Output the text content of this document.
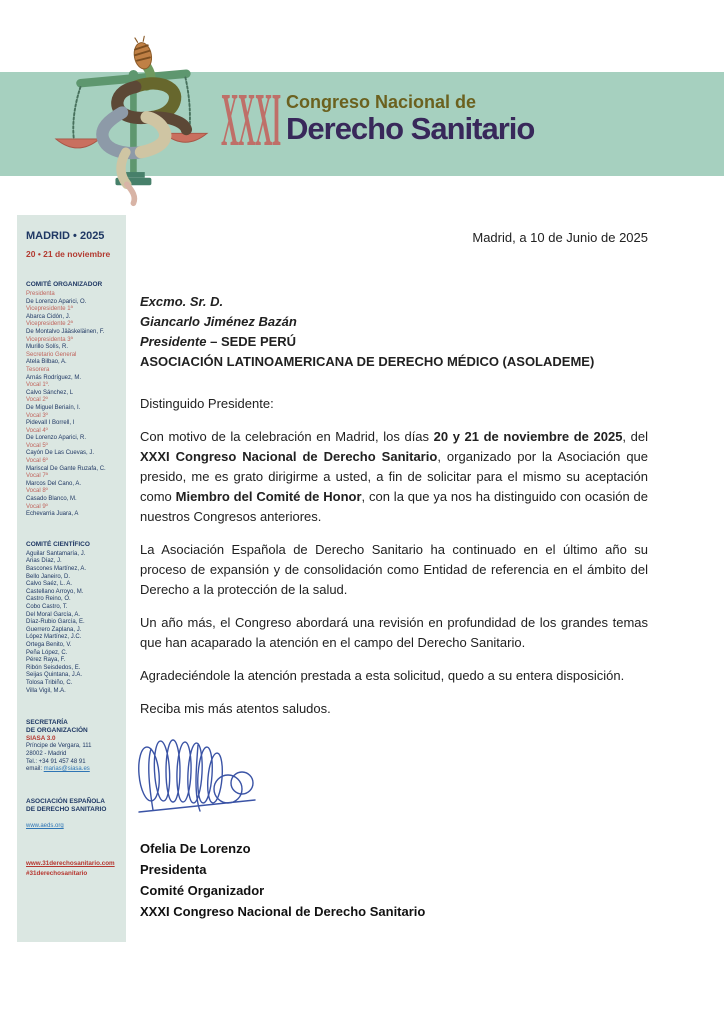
XXXI Congreso Nacional de
Derecho Sanitario
MADRID • 2025
20 • 21 de noviembre
COMITÉ ORGANIZADOR
Presidenta
De Lorenzo Aparici, O.
Vicepresidente 1ª
Abarca Cidón, J.
Vicepresidente 2ª
De Montalvo Jääskeläinen, F.
Vicepresidenta 3ª
Murillo Solís, R.
Secretario General
Atela Bilbao, A.
Tesorera
Arnás Rodríguez, M.
Vocal 1º.
Calvo Sánchez, L
Vocal 2º
De Miguel Beriaín, I.
Vocal 3º
Pidevall I Borrell, I
Vocal 4º
De Lorenzo Aparici, R.
Vocal 5º
Cayón De Las Cuevas, J.
Vocal 6º
Mariscal De Gante Ruzafa, C.
Vocal 7ª
Marcos Del Cano, A.
Vocal 8º
Casado Blanco, M.
Vocal 9º
Echevarria Juara, A
COMITÉ CIENTÍFICO
Aguilar Santamaría, J.
Arias Díaz, J.
Bascones Martínez, A.
Bello Janeiro, D.
Calvo Saéz, L. A.
Castellano Arroyo, M.
Castro Reino, O.
Cobo Castro, T.
Del Moral García, A.
Díaz-Rubio García, E.
Guerrero Zaplana, J.
López Martínez, J.C.
Ortega Benito, V.
Peña López, C.
Pérez Raya, F.
Ribón Seisdedos, E.
Seijas Quintana, J.A.
Tolosa Tribiño, C.
Villa Vigil, M.A.
SECRETARÍA
DE ORGANIZACIÓN
SIASA 3.0
Príncipe de Vergara, 111
28002 - Madrid
Tel.: +34 91 457 48 91
email: marias@siasa.es
ASOCIACIÓN ESPAÑOLA
DE DERECHO SANITARIO
www.aeds.org
www.31derechosanitario.com
#31derechosanitario
Madrid, a 10 de Junio de 2025
Excmo. Sr. D.
Giancarlo Jiménez Bazán
Presidente – SEDE PERÚ
ASOCIACIÓN LATINOAMERICANA DE DERECHO MÉDICO (ASOLADEME)

Distinguido Presidente:

Con motivo de la celebración en Madrid, los días 20 y 21 de noviembre de 2025, del XXXI Congreso Nacional de Derecho Sanitario, organizado por la Asociación que presido, me es grato dirigirme a usted, a fin de solicitar para el mismo su aceptación como Miembro del Comité de Honor, con la que ya nos ha distinguido con ocasión de nuestros Congresos anteriores.

La Asociación Española de Derecho Sanitario ha continuado en el último año su proceso de expansión y de consolidación como Entidad de referencia en el ámbito del Derecho a la protección de la salud.

Un año más, el Congreso abordará una revisión en profundidad de los grandes temas que han acaparado la atención en el campo del Derecho Sanitario.

Agradeciéndole la atención prestada a esta solicitud, quedo a su entera disposición.

Reciba mis más atentos saludos.

Ofelia De Lorenzo
Presidenta
Comité Organizador
XXXI Congreso Nacional de Derecho Sanitario
